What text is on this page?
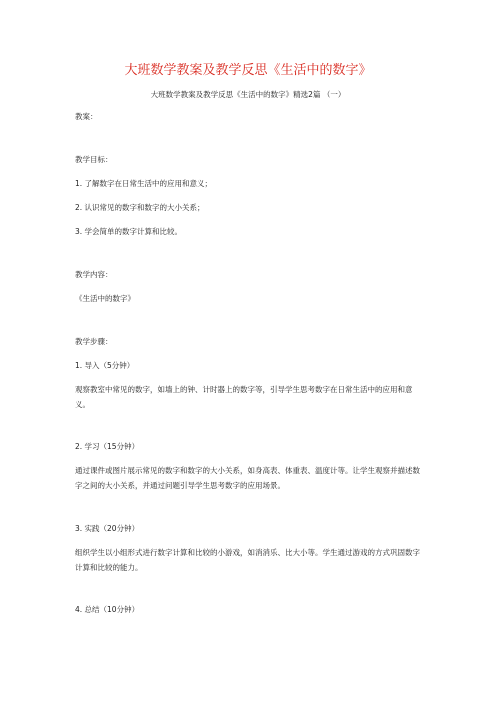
大班数学教案及教学反思《生活中的数字》
大班数学教案及教学反思《生活中的数字》精选2篇 （一）
教案：
教学目标：
1. 了解数字在日常生活中的应用和意义；
2. 认识常见的数字和数字的大小关系；
3. 学会简单的数字计算和比较。
教学内容：
《生活中的数字》
教学步骤：
1. 导入（5分钟）
观察教室中常见的数字，如墙上的钟、计时器上的数字等，引导学生思考数字在日常生活中的应用和意义。
2. 学习（15分钟）
通过课件或图片展示常见的数字和数字的大小关系，如身高表、体重表、温度计等。让学生观察并描述数字之间的大小关系，并通过问题引导学生思考数字的应用场景。
3. 实践（20分钟）
组织学生以小组形式进行数字计算和比较的小游戏，如消消乐、比大小等。学生通过游戏的方式巩固数字计算和比较的能力。
4. 总结（10分钟）
